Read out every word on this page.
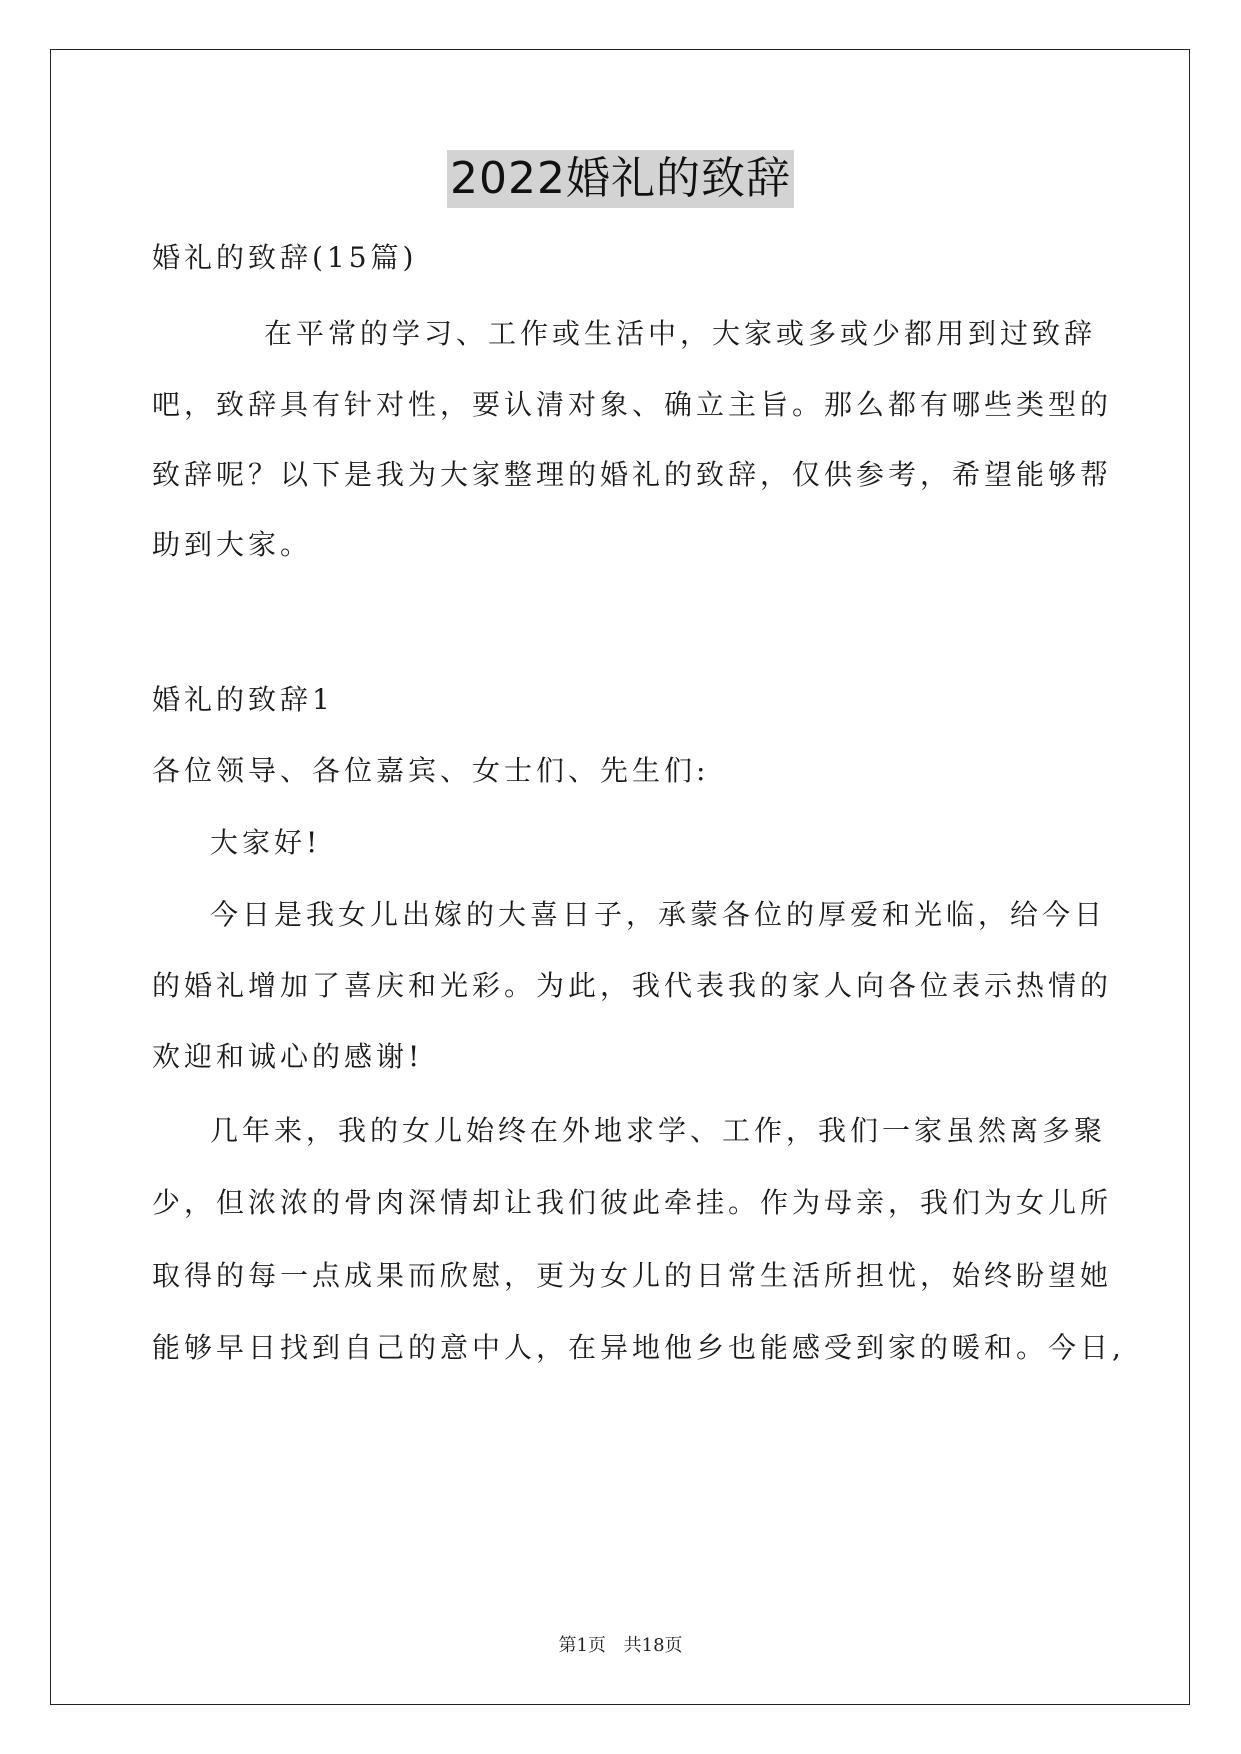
2022婚礼的致辞
婚礼的致辞(15篇)
在平常的学习、工作或生活中，大家或多或少都用到过致辞
吧，致辞具有针对性，要认清对象、确立主旨。那么都有哪些类型的
致辞呢？以下是我为大家整理的婚礼的致辞，仅供参考，希望能够帮
助到大家。
婚礼的致辞1
各位领导、各位嘉宾、女士们、先生们:
大家好!
今日是我女儿出嫁的大喜日子，承蒙各位的厚爱和光临，给今日
的婚礼增加了喜庆和光彩。为此，我代表我的家人向各位表示热情的
欢迎和诚心的感谢!
几年来，我的女儿始终在外地求学、工作，我们一家虽然离多聚
少，但浓浓的骨肉深情却让我们彼此牵挂。作为母亲，我们为女儿所
取得的每一点成果而欣慰，更为女儿的日常生活所担忧，始终盼望她
能够早日找到自己的意中人，在异地他乡也能感受到家的暖和。今日,
第1页 共18页
